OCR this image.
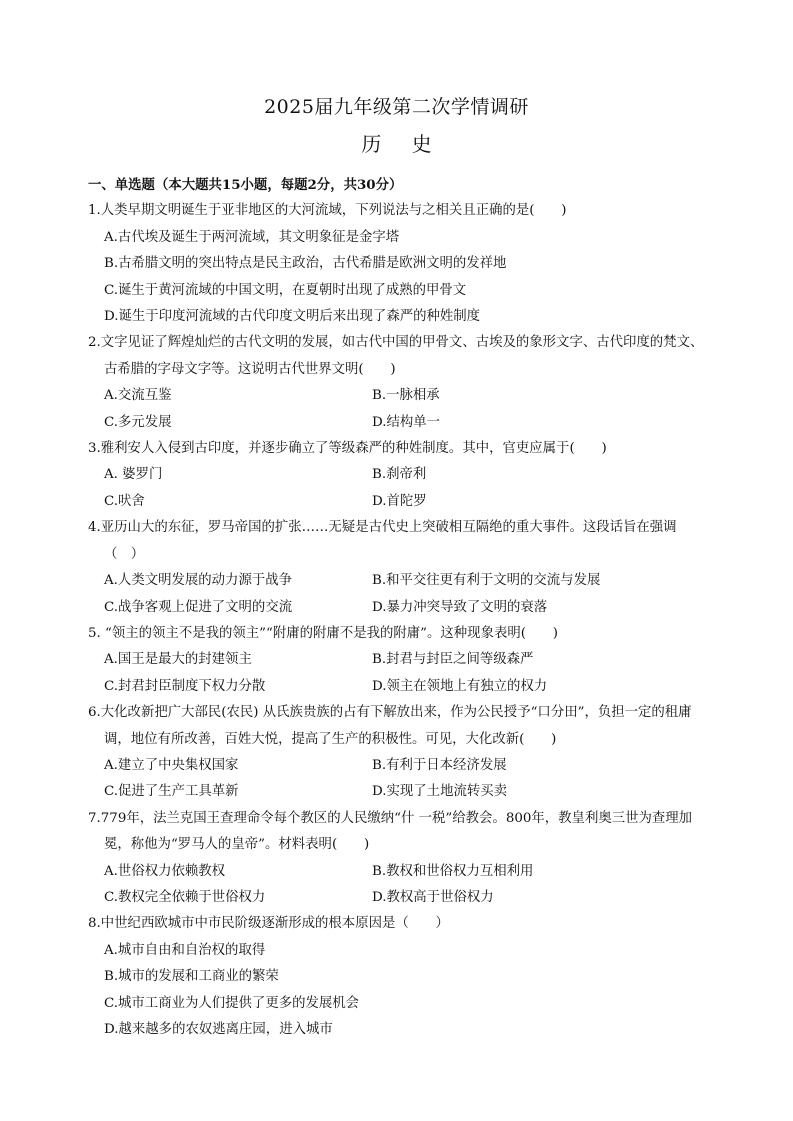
2025届九年级第二次学情调研
历 史
一、单选题（本大题共15小题，每题2分，共30分）
1.人类早期文明诞生于亚非地区的大河流域，下列说法与之相关且正确的是(　　)
A.古代埃及诞生于两河流域，其文明象征是金字塔
B.古希腊文明的突出特点是民主政治，古代希腊是欧洲文明的发祥地
C.诞生于黄河流域的中国文明，在夏朝时出现了成熟的甲骨文
D.诞生于印度河流域的古代印度文明后来出现了森严的种姓制度
2.文字见证了辉煌灿烂的古代文明的发展，如古代中国的甲骨文、古埃及的象形文字、古代印度的梵文、古希腊的字母文字等。这说明古代世界文明(　　)
A.交流互鉴	B.一脉相承
C.多元发展	D.结构单一
3.雅利安人入侵到古印度，并逐步确立了等级森严的种姓制度。其中，官吏应属于(　　)
A. 婆罗门	B.刹帝利
C.吠舍	D.首陀罗
4.亚历山大的东征，罗马帝国的扩张……无疑是古代史上突破相互隔绝的重大事件。这段话旨在强调（　）
A.人类文明发展的动力源于战争	B.和平交往更有利于文明的交流与发展
C.战争客观上促进了文明的交流	D.暴力冲突导致了文明的衰落
5. “领主的领主不是我的领主”“附庸的附庸不是我的附庸”。这种现象表明(　　)
A.国王是最大的封建领主	B.封君与封臣之间等级森严
C.封君封臣制度下权力分散	D.领主在领地上有独立的权力
6.大化改新把广大部民(农民) 从氏族贵族的占有下解放出来，作为公民授予“口分田”，负担一定的租庸调，地位有所改善，百姓大悦，提高了生产的积极性。可见，大化改新(　　)
A.建立了中央集权国家	B.有利于日本经济发展
C.促进了生产工具革新	D.实现了土地流转买卖
7.779年，法兰克国王查理命令每个教区的人民缴纳“什 一税”给教会。800年，教皇利奥三世为查理加冕，称他为“罗马人的皇帝”。材料表明(　　)
A.世俗权力依赖教权	B.教权和世俗权力互相利用
C.教权完全依赖于世俗权力	D.教权高于世俗权力
8.中世纪西欧城市中市民阶级逐渐形成的根本原因是（　　）
A.城市自由和自治权的取得
B.城市的发展和工商业的繁荣
C.城市工商业为人们提供了更多的发展机会
D.越来越多的农奴逃离庄园，进入城市
